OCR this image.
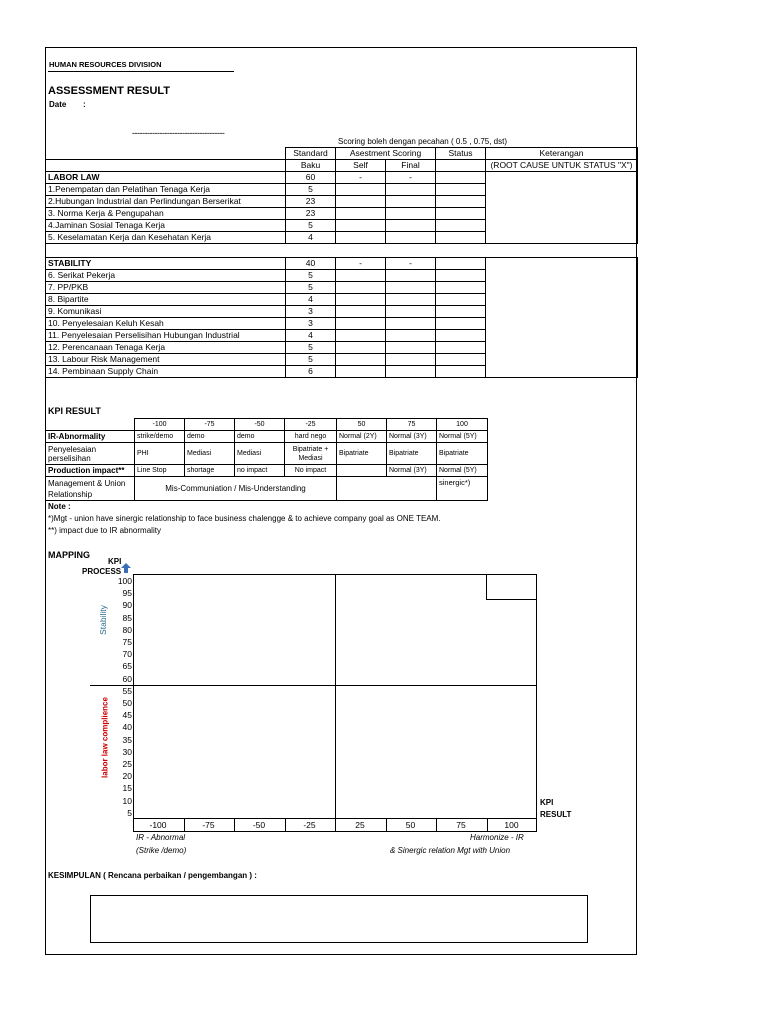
HUMAN RESOURCES DIVISION
ASSESSMENT RESULT
Date :
-------------------------------------
Scoring boleh dengan pecahan ( 0.5 , 0.75, dst)
	Standard	Asestment Scoring		Status	Keterangan
	Baku	Self	Final		(ROOT CAUSE UNTUK STATUS "X")
LABOR LAW	60	-	-		
1.Penempatan dan Pelatihan Tenaga Kerja	5				
2.Hubungan Industrial dan Perlindungan Berserikat	23				
3. Norma Kerja & Pengupahan	23				
4.Jaminan Sosial Tenaga Kerja	5				
5. Keselamatan Kerja dan Kesehatan Kerja	4				

STABILITY	40	-	-		
6. Serikat Pekerja	5				
7. PP/PKB	5				
8. Bipartite	4				
9. Komunikasi	3				
10. Penyelesaian Keluh Kesah	3				
11. Penyelesaian Perselisihan Hubungan Industrial	4				
12. Perencanaan Tenaga Kerja	5				
13. Labour Risk Management	5				
14. Pembinaan Supply Chain	6				
KPI RESULT
	-100	-75	-50	-25	50	75	100
IR-Abnormality	strike/demo	demo	demo	hard nego	Normal (2Y)	Normal (3Y)	Normal (5Y)
Penyelesaian perselisihan	PHI	Mediasi	Mediasi	Bipatriate + Mediasi	Bipatriate	Bipatriate	Bipatriate
Production impact**	Line Stop	shortage	no impact	No impact		Normal (3Y)	Normal (5Y)
Management & Union Relationship	Mis-Communiation / Mis-Understanding						sinergic*)
Note :
*)Mgt - union have sinergic relationship to face business chalengge & to achieve company goal as ONE TEAM.
**) impact due to IR abnormality
MAPPING
KPI
PROCESS
100
95
90
85
80
75
70
65
60
55
50
45
40
35
30
25
20
15
10
5
Stability
labor law complience
-100	-75	-50	-25	25	50	75	100
KPI
RESULT
IR - Abnormal
(Strike /demo)
Harmonize - IR
& Sinergic relation Mgt with Union
KESIMPULAN ( Rencana perbaikan / pengembangan ) :
